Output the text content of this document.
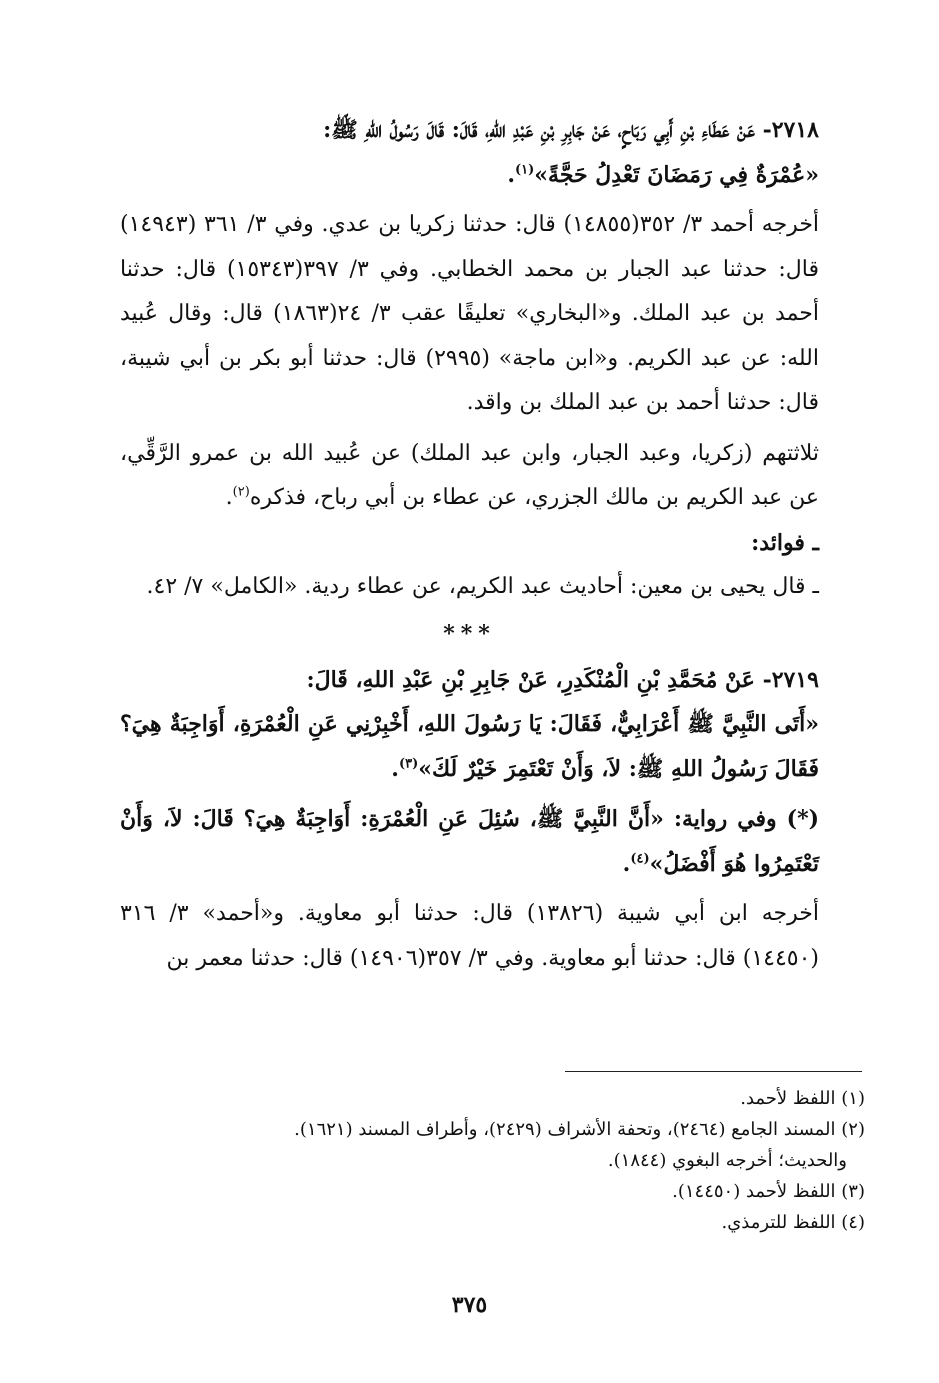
٢٧١٨- عَنْ عَطَاءِ بْنِ أَبِي رَبَاحٍ، عَنْ جَابِرِ بْنِ عَبْدِ اللهِ، قَالَ: قَالَ رَسُولُ اللهِ ﷺ:

«عُمْرَةٌ فِي رَمَضَانَ تَعْدِلُ حَجَّةً»$^{(١)}$.

أخرجه أحمد ٣/ ٣٥٢(١٤٨٥٥) قال: حدثنا زكريا بن عدي. وفي ٣/ ٣٦١ (١٤٩٤٣) قال: حدثنا عبد الجبار بن محمد الخطابي. وفي ٣/ ٣٩٧(١٥٣٤٣) قال: حدثنا أحمد بن عبد الملك. و«البخاري» تعليقًا عقب ٣/ ٢٤(١٨٦٣) قال: وقال عُبيد الله: عن عبد الكريم. و«ابن ماجة» (٢٩٩٥) قال: حدثنا أبو بكر بن أبي شيبة، قال: حدثنا أحمد بن عبد الملك بن واقد.

ثلاثتهم (زكريا، وعبد الجبار، وابن عبد الملك) عن عُبيد الله بن عمرو الرَّقِّي، عن عبد الكريم بن مالك الجزري، عن عطاء بن أبي رباح، فذكره$^{(٢)}$.

ـ فوائد:

ـ قال يحيى بن معين: أحاديث عبد الكريم، عن عطاء ردية. «الكامل» ٧/ ٤٢.

***

٢٧١٩- عَنْ مُحَمَّدِ بْنِ الْمُنْكَدِرِ، عَنْ جَابِرِ بْنِ عَبْدِ اللهِ، قَالَ:

«أَتَى النَّبِيَّ ﷺ أَعْرَابِيٌّ، فَقَالَ: يَا رَسُولَ اللهِ، أَخْبِرْنِي عَنِ الْعُمْرَةِ، أَوَاجِبَةٌ هِيَ؟ فَقَالَ رَسُولُ اللهِ ﷺ: لاَ، وَأَنْ تَعْتَمِرَ خَيْرٌ لَكَ»$^{(٣)}$.

(*) وفي رواية: «أَنَّ النَّبِيَّ ﷺ، سُئِلَ عَنِ الْعُمْرَةِ: أَوَاجِبَةٌ هِيَ؟ قَالَ: لاَ، وَأَنْ تَعْتَمِرُوا هُوَ أَفْضَلُ»$^{(٤)}$.

أخرجه ابن أبي شيبة (١٣٨٢٦) قال: حدثنا أبو معاوية. و«أحمد» ٣/ ٣١٦ (١٤٤٥٠) قال: حدثنا أبو معاوية. وفي ٣/ ٣٥٧(١٤٩٠٦) قال: حدثنا معمر بن

(١) اللفظ لأحمد.

(٢) المسند الجامع (٢٤٦٤)، وتحفة الأشراف (٢٤٢٩)، وأطراف المسند (١٦٢١).

والحديث؛ أخرجه البغوي (١٨٤٤).

(٣) اللفظ لأحمد (١٤٤٥٠).

(٤) اللفظ للترمذي.

٣٧٥
